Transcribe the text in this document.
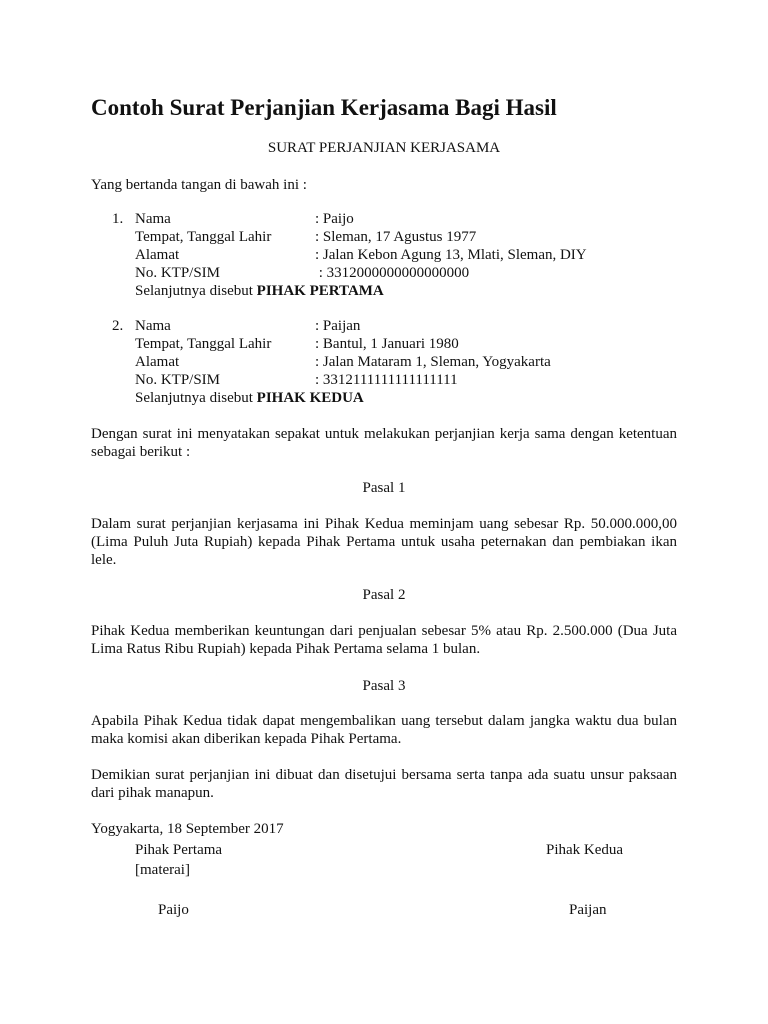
Contoh Surat Perjanjian Kerjasama Bagi Hasil
SURAT PERJANJIAN KERJASAMA
Yang bertanda tangan di bawah ini :
1. Nama	: Paijo
Tempat, Tanggal Lahir	: Sleman, 17 Agustus 1977
Alamat	: Jalan Kebon Agung 13, Mlati, Sleman, DIY
No. KTP/SIM	: 3312000000000000000
Selanjutnya disebut PIHAK PERTAMA
2. Nama	: Paijan
Tempat, Tanggal Lahir	: Bantul, 1 Januari 1980
Alamat	: Jalan Mataram 1, Sleman, Yogyakarta
No. KTP/SIM	: 3312111111111111111
Selanjutnya disebut PIHAK KEDUA
Dengan surat ini menyatakan sepakat untuk melakukan perjanjian kerja sama dengan ketentuan sebagai berikut :
Pasal 1
Dalam surat perjanjian kerjasama ini Pihak Kedua meminjam uang sebesar Rp. 50.000.000,00 (Lima Puluh Juta Rupiah) kepada Pihak Pertama untuk usaha peternakan dan pembiakan ikan lele.
Pasal 2
Pihak Kedua memberikan keuntungan dari penjualan sebesar 5% atau Rp. 2.500.000 (Dua Juta Lima Ratus Ribu Rupiah) kepada Pihak Pertama selama 1 bulan.
Pasal 3
Apabila Pihak Kedua tidak dapat mengembalikan uang tersebut dalam jangka waktu dua bulan maka komisi akan diberikan kepada Pihak Pertama.
Demikian surat perjanjian ini dibuat dan disetujui bersama serta tanpa ada suatu unsur paksaan dari pihak manapun.
Yogyakarta, 18 September 2017
Pihak Pertama	Pihak Kedua
[materai]
Paijo	Paijan
